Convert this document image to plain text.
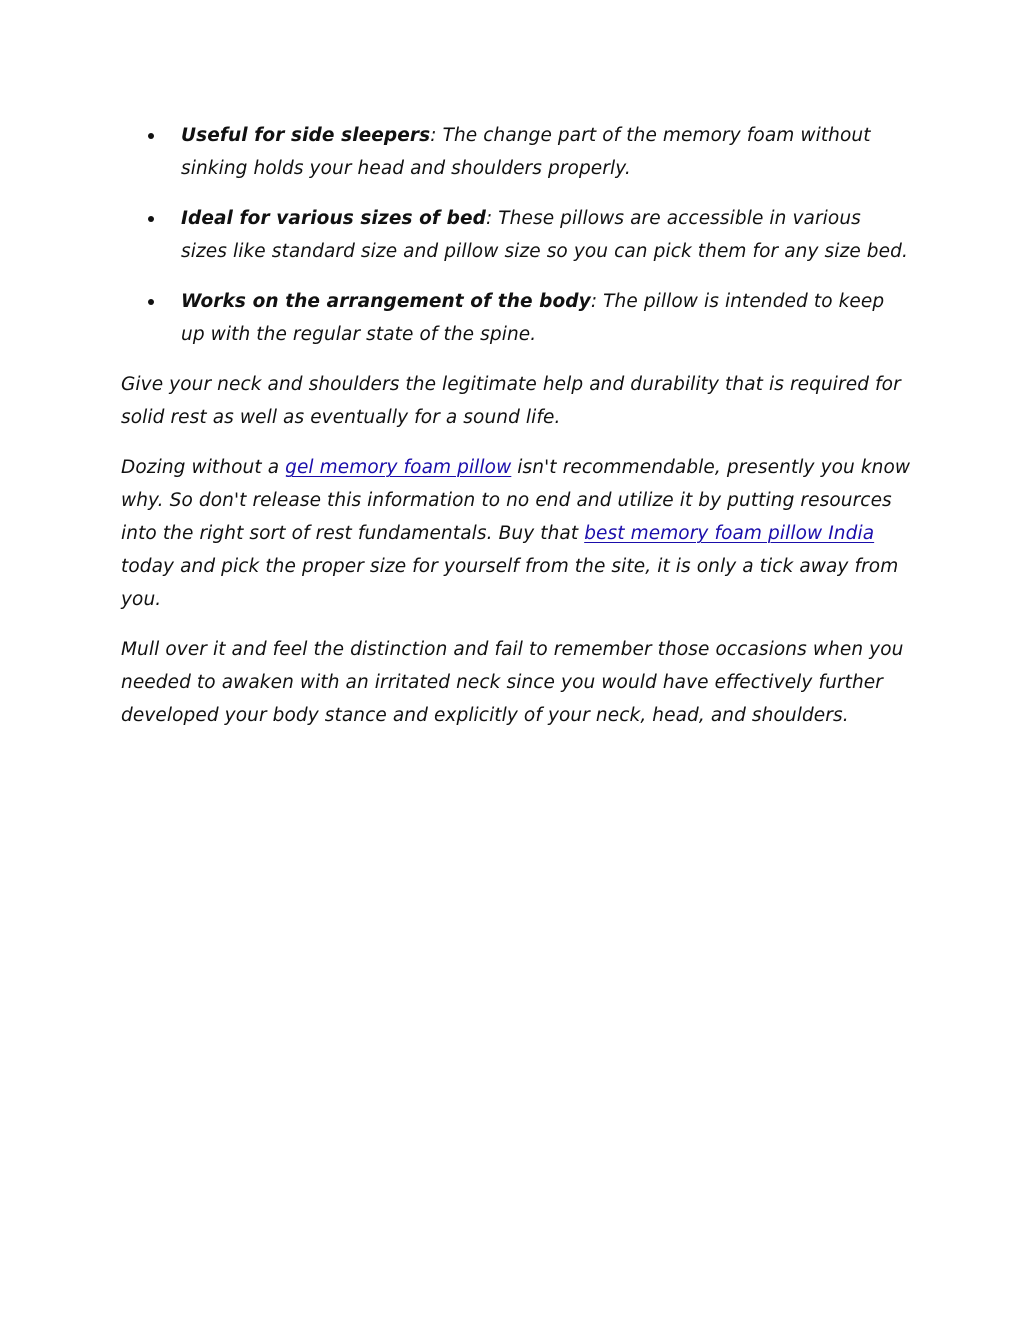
Useful for side sleepers: The change part of the memory foam without sinking holds your head and shoulders properly.
Ideal for various sizes of bed: These pillows are accessible in various sizes like standard size and pillow size so you can pick them for any size bed.
Works on the arrangement of the body: The pillow is intended to keep up with the regular state of the spine.

Give your neck and shoulders the legitimate help and durability that is required for solid rest as well as eventually for a sound life.

Dozing without a gel memory foam pillow isn't recommendable, presently you know why. So don't release this information to no end and utilize it by putting resources into the right sort of rest fundamentals. Buy that best memory foam pillow India today and pick the proper size for yourself from the site, it is only a tick away from you.

Mull over it and feel the distinction and fail to remember those occasions when you needed to awaken with an irritated neck since you would have effectively further developed your body stance and explicitly of your neck, head, and shoulders.
